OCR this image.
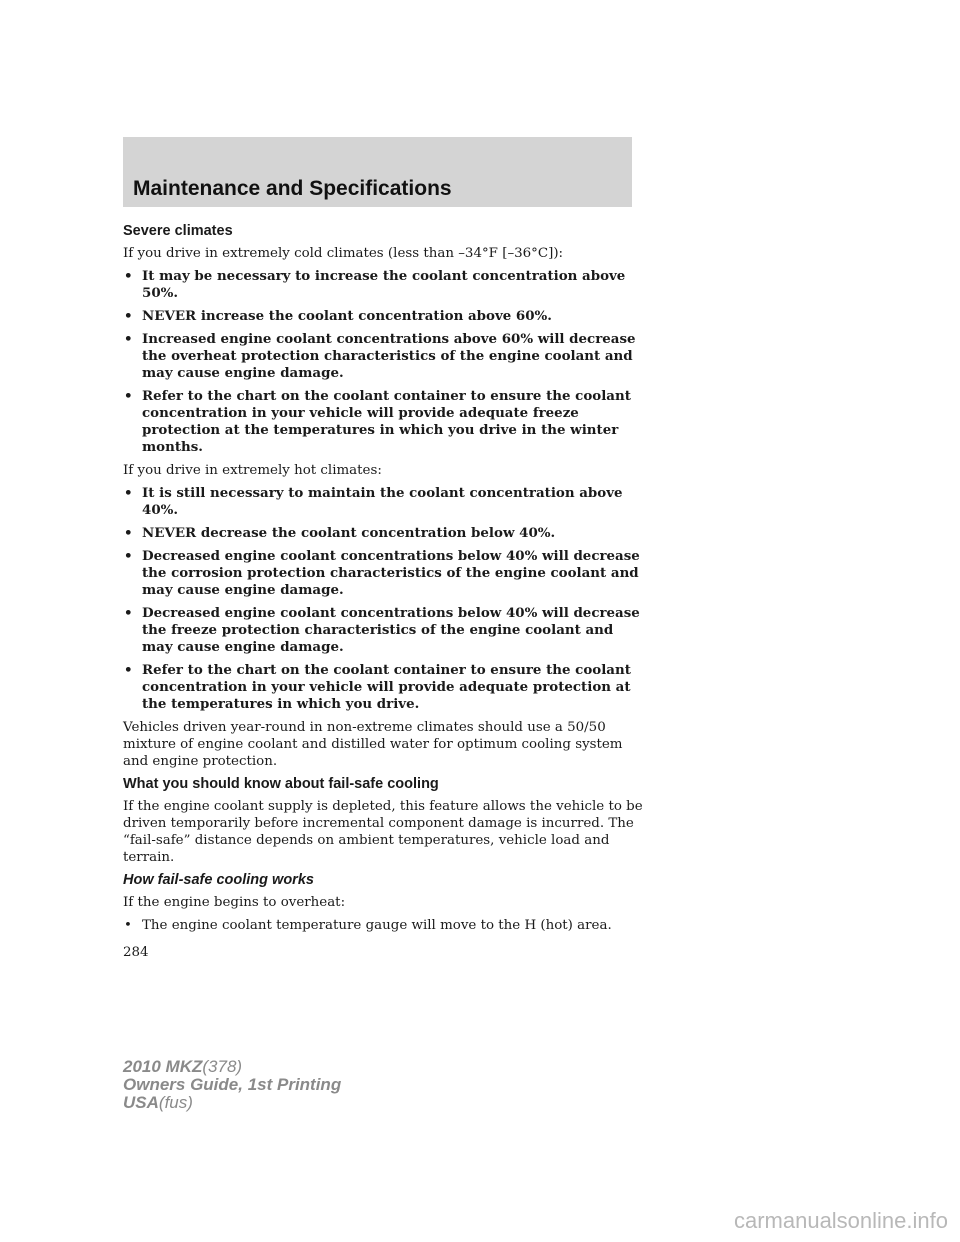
Maintenance and Specifications
Severe climates

If you drive in extremely cold climates (less than –34°F [–36°C]):

• It may be necessary to increase the coolant concentration above 50%.
• NEVER increase the coolant concentration above 60%.
• Increased engine coolant concentrations above 60% will decrease the overheat protection characteristics of the engine coolant and may cause engine damage.
• Refer to the chart on the coolant container to ensure the coolant concentration in your vehicle will provide adequate freeze protection at the temperatures in which you drive in the winter months.

If you drive in extremely hot climates:

• It is still necessary to maintain the coolant concentration above 40%.
• NEVER decrease the coolant concentration below 40%.
• Decreased engine coolant concentrations below 40% will decrease the corrosion protection characteristics of the engine coolant and may cause engine damage.
• Decreased engine coolant concentrations below 40% will decrease the freeze protection characteristics of the engine coolant and may cause engine damage.
• Refer to the chart on the coolant container to ensure the coolant concentration in your vehicle will provide adequate protection at the temperatures in which you drive.

Vehicles driven year-round in non-extreme climates should use a 50/50 mixture of engine coolant and distilled water for optimum cooling system and engine protection.

What you should know about fail-safe cooling

If the engine coolant supply is depleted, this feature allows the vehicle to be driven temporarily before incremental component damage is incurred. The “fail-safe” distance depends on ambient temperatures, vehicle load and terrain.

How fail-safe cooling works

If the engine begins to overheat:

• The engine coolant temperature gauge will move to the H (hot) area.
284
2010 MKZ(378)
Owners Guide, 1st Printing
USA(fus)
carmanualsonline.info
